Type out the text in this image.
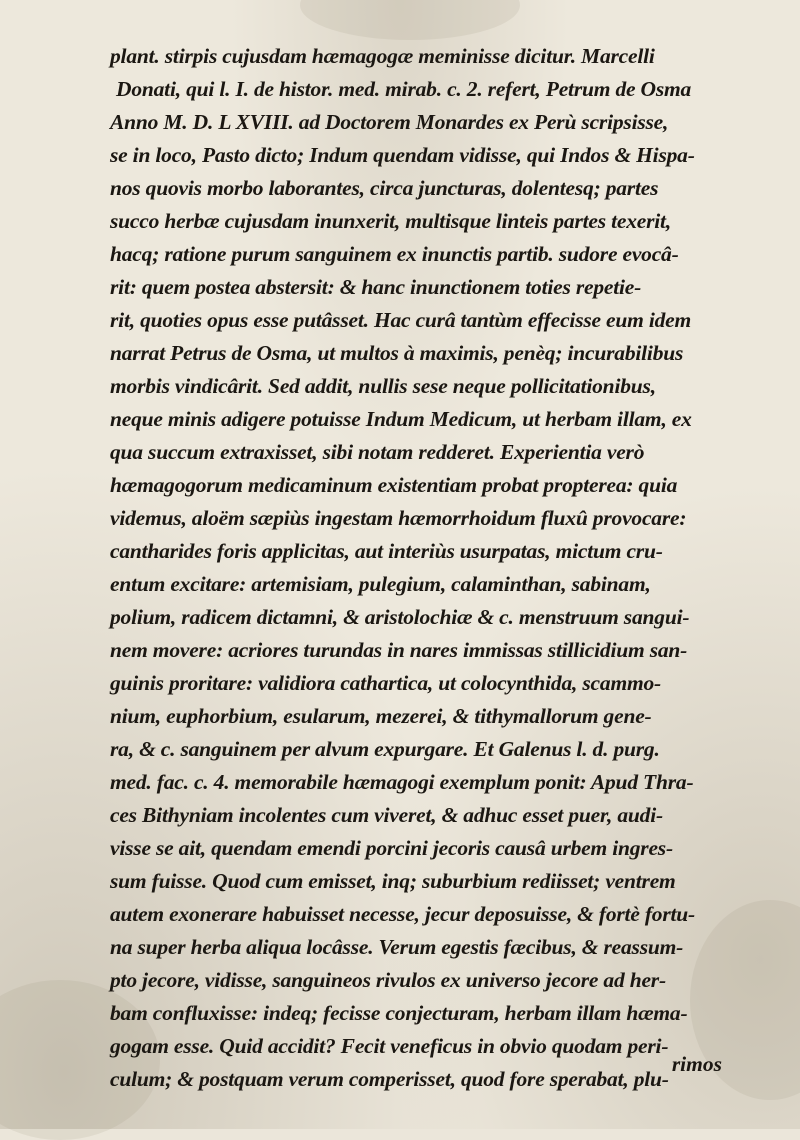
plant. stirpis cujusdam hæmagogæ meminisse dicitur. Marcelli
Donati, qui l. I. de histor. med. mirab. c. 2. refert, Petrum de Osma
Anno M. D. L XVIII. ad Doctorem Monardes ex Perù scripsisse,
se in loco, Pasto dicto; Indum quendam vidisse, qui Indos & Hispa-
nos quovis morbo laborantes, circa juncturas, dolentesq; partes
succo herbæ cujusdam inunxerit, multisque linteis partes texerit,
hacq; ratione purum sanguinem ex inunctis partib. sudore evocâ-
rit: quem postea abstersit: & hanc inunctionem toties repetie-
rit, quoties opus esse putâsset. Hac curâ tantùm effecisse eum idem
narrat Petrus de Osma, ut multos à maximis, penèq; incurabilibus
morbis vindicârit. Sed addit, nullis sese neque pollicitationibus,
neque minis adigere potuisse Indum Medicum, ut herbam illam, ex
qua succum extraxisset, sibi notam redderet. Experientia verò
hæmagogorum medicaminum existentiam probat propterea: quia
videmus, aloëm sæpiùs ingestam hæmorrhoidum fluxû provocare:
cantharides foris applicitas, aut interiùs usurpatas, mictum cru-
entum excitare: artemisiam, pulegium, calaminthan, sabinam,
polium, radicem dictamni, & aristolochiæ & c. menstruum sangui-
nem movere: acriores turundas in nares immissas stillicidium san-
guinis proritare: validiora cathartica, ut colocynthida, scammo-
nium, euphorbium, esularum, mezerei, & tithymallorum gene-
ra, & c. sanguinem per alvum expurgare. Et Galenus l. d. purg.
med. fac. c. 4. memorabile hæmagogi exemplum ponit: Apud Thra-
ces Bithyniam incolentes cum viveret, & adhuc esset puer, audi-
visse se ait, quendam emendi porcini jecoris causâ urbem ingres-
sum fuisse. Quod cum emisset, inq; suburbium rediisset; ventrem
autem exonerare habuisset necesse, jecur deposuisse, & fortè fortu-
na super herba aliqua locâsse. Verum egestis fæcibus, & reassum-
pto jecore, vidisse, sanguineos rivulos ex universo jecore ad her-
bam confluxisse: indeq; fecisse conjecturam, herbam illam hæma-
gogam esse. Quid accidit? Fecit veneficus in obvio quodam peri-
culum; & postquam verum comperisset, quod fore sperabat, plu-
rimos
